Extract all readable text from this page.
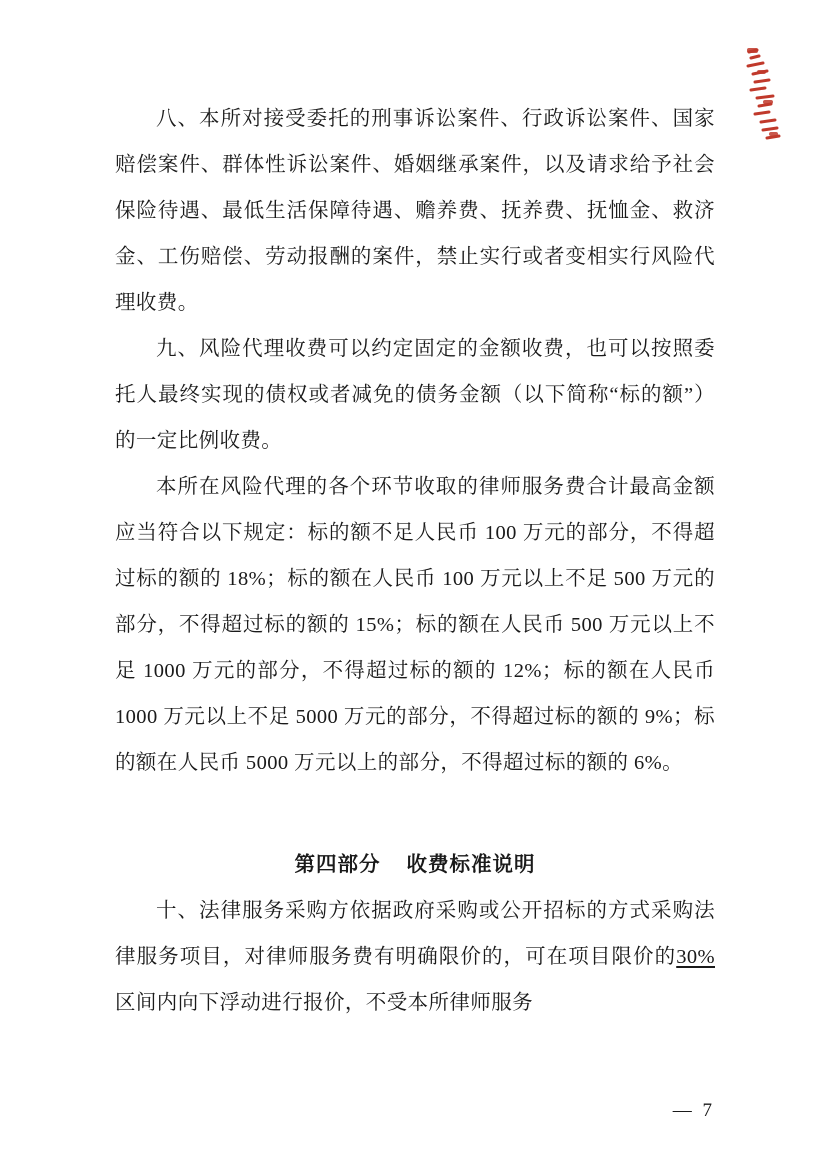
八、本所对接受委托的刑事诉讼案件、行政诉讼案件、国家赔偿案件、群体性诉讼案件、婚姻继承案件，以及请求给予社会保险待遇、最低生活保障待遇、赡养费、抚养费、抚恤金、救济金、工伤赔偿、劳动报酬的案件，禁止实行或者变相实行风险代理收费。

九、风险代理收费可以约定固定的金额收费，也可以按照委托人最终实现的债权或者减免的债务金额（以下简称“标的额”）的一定比例收费。

本所在风险代理的各个环节收取的律师服务费合计最高金额应当符合以下规定：标的额不足人民币 100 万元的部分，不得超过标的额的 18%；标的额在人民币 100 万元以上不足 500 万元的部分，不得超过标的额的 15%；标的额在人民币 500 万元以上不足 1000 万元的部分，不得超过标的额的 12%；标的额在人民币 1000 万元以上不足 5000 万元的部分，不得超过标的额的 9%；标的额在人民币 5000 万元以上的部分，不得超过标的额的 6%。

第四部分 收费标准说明

十、法律服务采购方依据政府采购或公开招标的方式采购法律服务项目，对律师服务费有明确限价的，可在项目限价的30%区间内向下浮动进行报价，不受本所律师服务

— 7
